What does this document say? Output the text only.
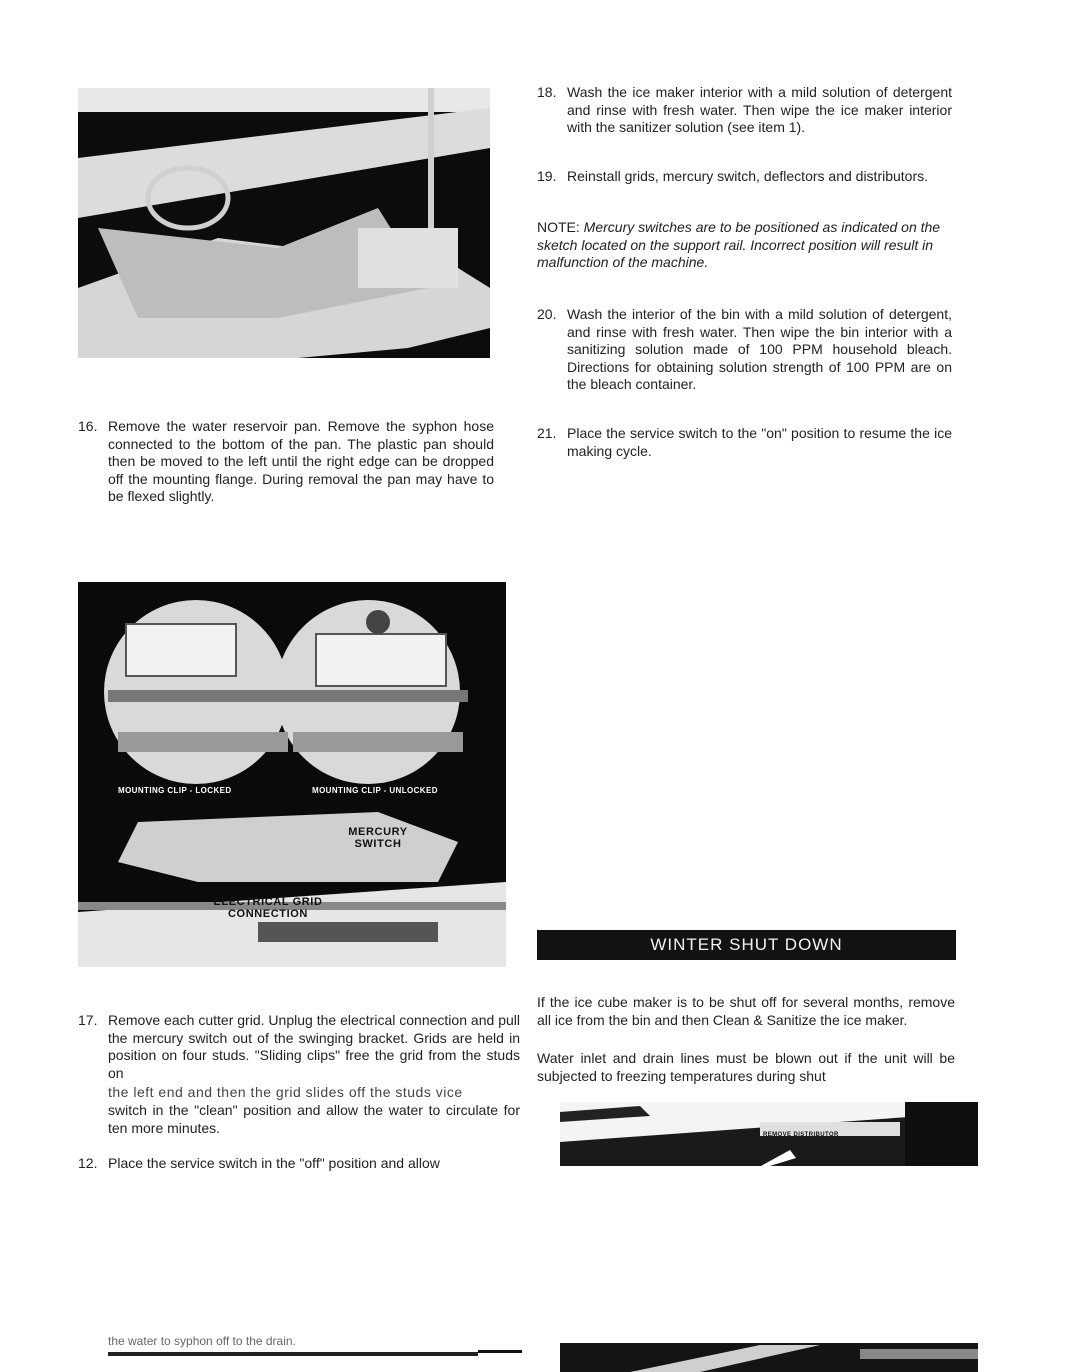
16. Remove the water reservoir pan. Remove the syphon hose connected to the bottom of the pan. The plastic pan should then be moved to the left until the right edge can be dropped off the mounting flange. During removal the pan may have to be flexed slightly.
MOUNTING CLIP - LOCKED	MOUNTING CLIP - UNLOCKED
MERCURY
SWITCH
ELECTRICAL GRID
CONNECTION
17. Remove each cutter grid. Unplug the electrical connection and pull the mercury switch out of the swinging bracket. Grids are held in position on four studs. "Sliding clips" free the grid from the studs on
the left end and then the grid slides off the studs vice
switch in the "clean" position and allow the water to circulate for ten more minutes.
12. Place the service switch in the "off" position and allow
the water to syphon off to the drain.
18. Wash the ice maker interior with a mild solution of detergent and rinse with fresh water. Then wipe the ice maker interior with the sanitizer solution (see item 1).
19. Reinstall grids, mercury switch, deflectors and distributors.
NOTE: Mercury switches are to be positioned as indicated on the sketch located on the support rail. Incorrect position will result in malfunction of the machine.
20. Wash the interior of the bin with a mild solution of detergent, and rinse with fresh water. Then wipe the bin interior with a sanitizing solution made of 100 PPM household bleach. Directions for obtaining solution strength of 100 PPM are on the bleach container.
21. Place the service switch to the "on" position to resume the ice making cycle.
WINTER SHUT DOWN
If the ice cube maker is to be shut off for several months, remove all ice from the bin and then Clean & Sanitize the ice maker.
Water inlet and drain lines must be blown out if the unit will be subjected to freezing temperatures during shut
REMOVE DISTRIBUTOR
